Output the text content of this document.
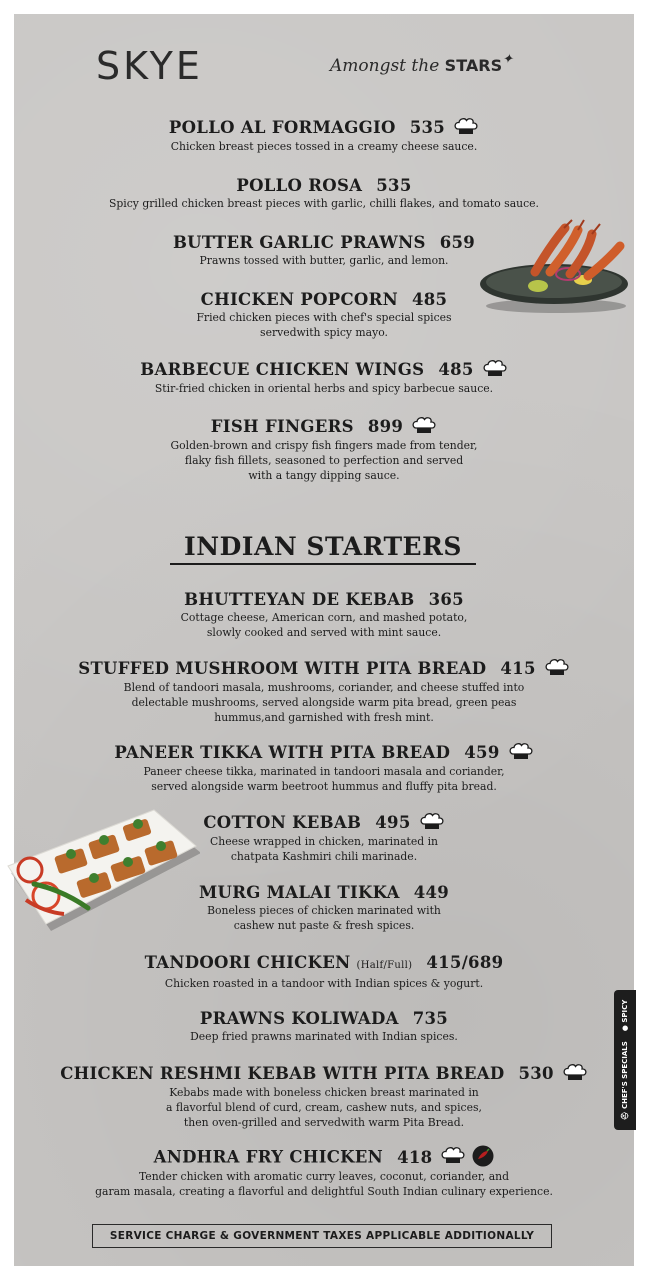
SKYE	Amongst the STARS✦
POLLO AL FORMAGGIO 535
Chicken breast pieces tossed in a creamy cheese sauce.
POLLO ROSA 535
Spicy grilled chicken breast pieces with garlic, chilli flakes, and tomato sauce.
BUTTER GARLIC PRAWNS 659
Prawns tossed with butter, garlic, and lemon.
CHICKEN POPCORN 485
Fried chicken pieces with chef's special spices
servedwith spicy mayo.
BARBECUE CHICKEN WINGS 485
Stir-fried chicken in oriental herbs and spicy barbecue sauce.
FISH FINGERS 899
Golden-brown and crispy fish fingers made from tender,
flaky fish fillets, seasoned to perfection and served
with a tangy dipping sauce.
INDIAN STARTERS
BHUTTEYAN DE KEBAB 365
Cottage cheese, American corn, and mashed potato,
slowly cooked and served with mint sauce.
STUFFED MUSHROOM WITH PITA BREAD 415
Blend of tandoori masala, mushrooms, coriander, and cheese stuffed into
delectable mushrooms, served alongside warm pita bread, green peas
hummus,and garnished with fresh mint.
PANEER TIKKA WITH PITA BREAD 459
Paneer cheese tikka, marinated in tandoori masala and coriander,
served alongside warm beetroot hummus and fluffy pita bread.
COTTON KEBAB 495
Cheese wrapped in chicken, marinated in
chatpata Kashmiri chili marinade.
MURG MALAI TIKKA 449
Boneless pieces of chicken marinated with
cashew nut paste & fresh spices.
TANDOORI CHICKEN (Half/Full) 415/689
Chicken roasted in a tandoor with Indian spices & yogurt.
PRAWNS KOLIWADA 735
Deep fried prawns marinated with Indian spices.
CHICKEN RESHMI KEBAB WITH PITA BREAD 530
Kebabs made with boneless chicken breast marinated in
a flavorful blend of curd, cream, cashew nuts, and spices,
then oven-grilled and servedwith warm Pita Bread.
ANDHRA FRY CHICKEN 418
Tender chicken with aromatic curry leaves, coconut, coriander, and
garam masala, creating a flavorful and delightful South Indian culinary experience.
⛑ CHEF'S SPECIALS
● SPICY
SERVICE CHARGE & GOVERNMENT TAXES APPLICABLE ADDITIONALLY
